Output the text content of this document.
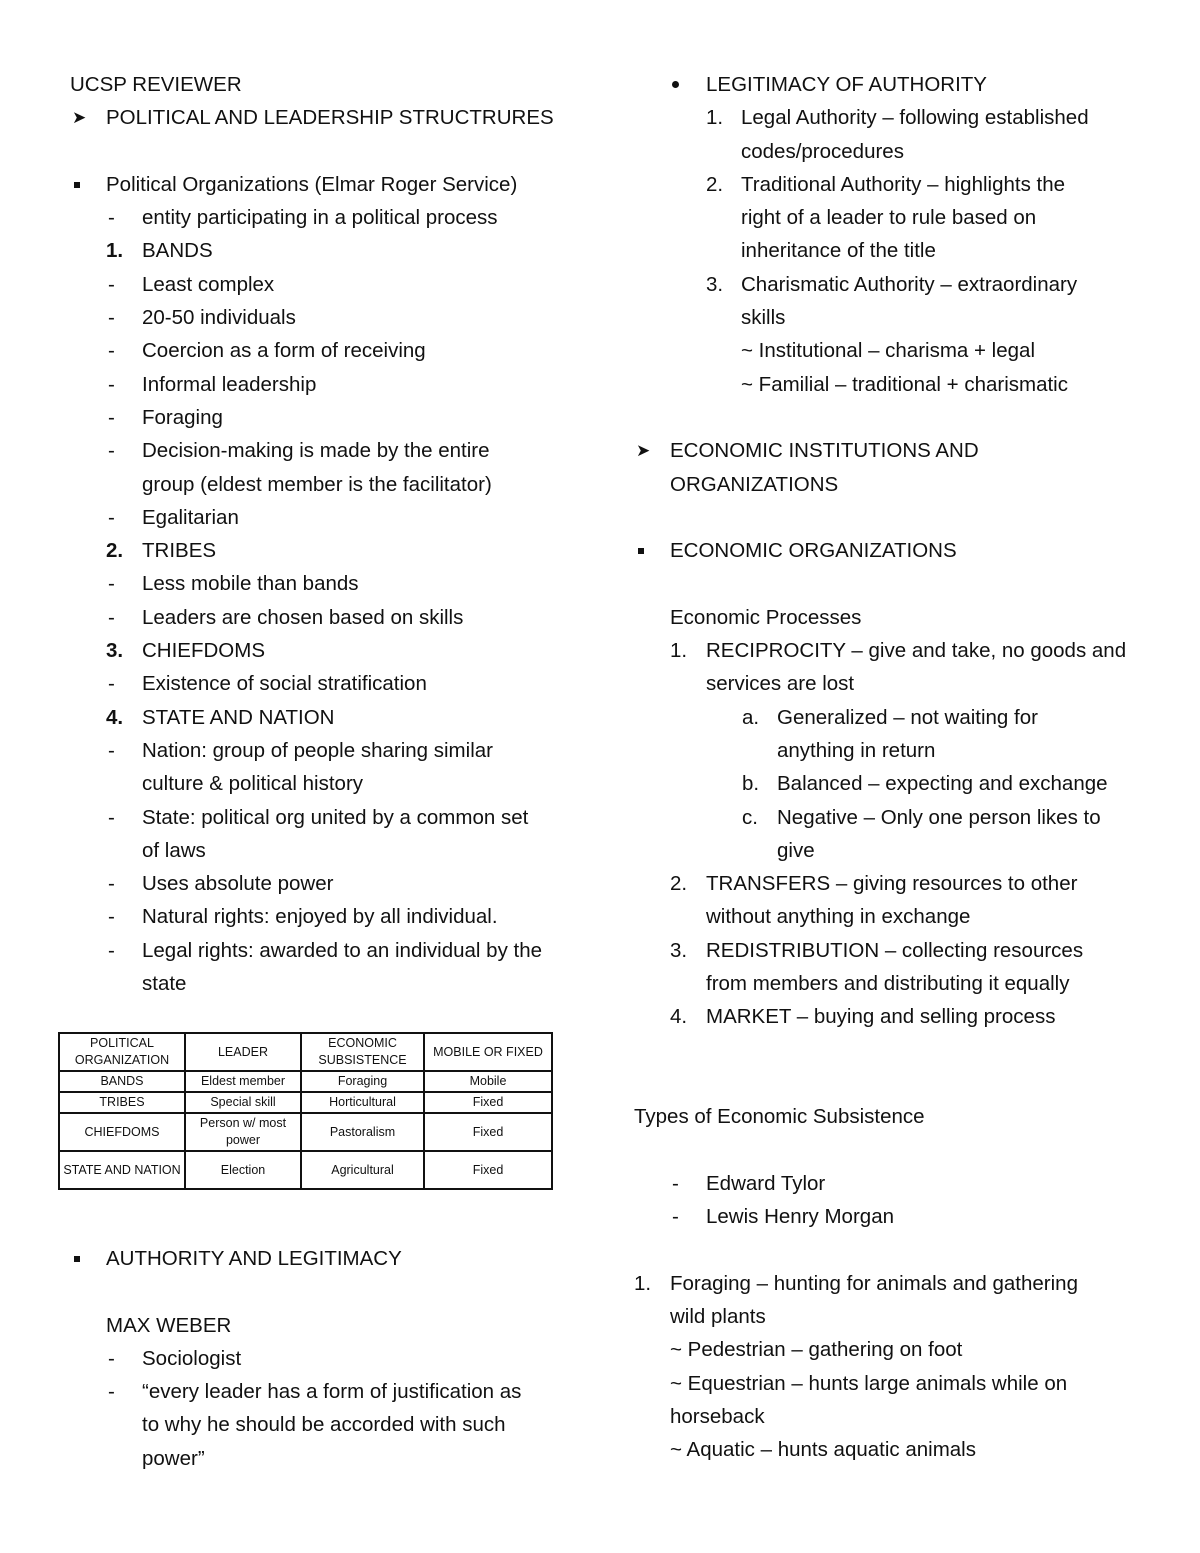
UCSP REVIEWER
➤ POLITICAL AND LEADERSHIP STRUCTRURES
Political Organizations (Elmar Roger Service)
- entity participating in a political process
1. BANDS
- Least complex
- 20-50 individuals
- Coercion as a form of receiving
- Informal leadership
- Foraging
- Decision-making is made by the entire
group (eldest member is the facilitator)
- Egalitarian
2. TRIBES
- Less mobile than bands
- Leaders are chosen based on skills
3. CHIEFDOMS
- Existence of social stratification
4. STATE AND NATION
- Nation: group of people sharing similar
culture & political history
- State: political org united by a common set
of laws
- Uses absolute power
- Natural rights: enjoyed by all individual.
- Legal rights: awarded to an individual by the
state
POLITICAL ORGANIZATION	LEADER	ECONOMIC SUBSISTENCE	MOBILE OR FIXED
BANDS	Eldest member	Foraging	Mobile
TRIBES	Special skill	Horticultural	Fixed
CHIEFDOMS	Person w/ most power	Pastoralism	Fixed
STATE AND NATION	Election	Agricultural	Fixed
AUTHORITY AND LEGITIMACY
MAX WEBER
- Sociologist
- “every leader has a form of justification as
to why he should be accorded with such
power”
LEGITIMACY OF AUTHORITY
1. Legal Authority – following established
codes/procedures
2. Traditional Authority – highlights the
right of a leader to rule based on
inheritance of the title
3. Charismatic Authority – extraordinary
skills
~ Institutional – charisma + legal
~ Familial – traditional + charismatic
➤ ECONOMIC INSTITUTIONS AND
ORGANIZATIONS
ECONOMIC ORGANIZATIONS
Economic Processes
1. RECIPROCITY – give and take, no goods and
services are lost
a. Generalized – not waiting for
anything in return
b. Balanced – expecting and exchange
c. Negative – Only one person likes to
give
2. TRANSFERS – giving resources to other
without anything in exchange
3. REDISTRIBUTION – collecting resources
from members and distributing it equally
4. MARKET – buying and selling process
Types of Economic Subsistence
- Edward Tylor
- Lewis Henry Morgan
1. Foraging – hunting for animals and gathering
wild plants
~ Pedestrian – gathering on foot
~ Equestrian – hunts large animals while on
horseback
~ Aquatic – hunts aquatic animals
